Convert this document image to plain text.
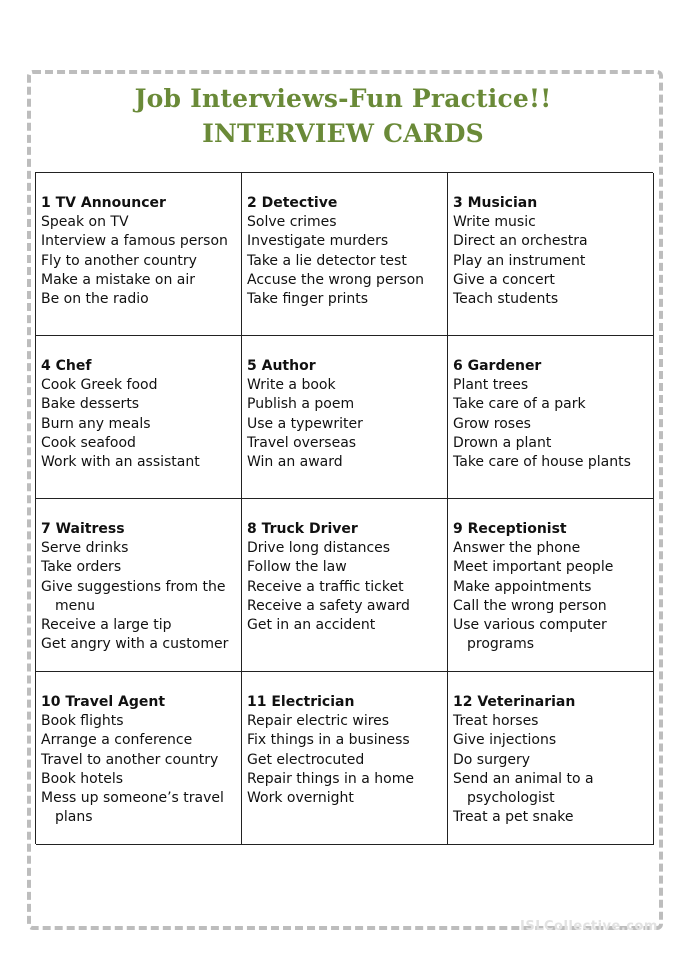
Job Interviews-Fun Practice!!
INTERVIEW CARDS
1 TV Announcer
Speak on TV
Interview a famous person
Fly to another country
Make a mistake on air
Be on the radio
2 Detective
Solve crimes
Investigate murders
Take a lie detector test
Accuse the wrong person
Take finger prints
3 Musician
Write music
Direct an orchestra
Play an instrument
Give a concert
Teach students
4 Chef
Cook Greek food
Bake desserts
Burn any meals
Cook seafood
Work with an assistant
5 Author
Write a book
Publish a poem
Use a typewriter
Travel overseas
Win an award
6 Gardener
Plant trees
Take care of a park
Grow roses
Drown a plant
Take care of house plants
7 Waitress
Serve drinks
Take orders
Give suggestions from the menu
Receive a large tip
Get angry with a customer
8 Truck Driver
Drive long distances
Follow the law
Receive a traffic ticket
Receive a safety award
Get in an accident
9 Receptionist
Answer the phone
Meet important people
Make appointments
Call the wrong person
Use various computer programs
10 Travel Agent
Book flights
Arrange a conference
Travel to another country
Book hotels
Mess up someone’s travel plans
11 Electrician
Repair electric wires
Fix things in a business
Get electrocuted
Repair things in a home
Work overnight
12 Veterinarian
Treat horses
Give injections
Do surgery
Send an animal to a psychologist
Treat a pet snake
ISLCollective.com
